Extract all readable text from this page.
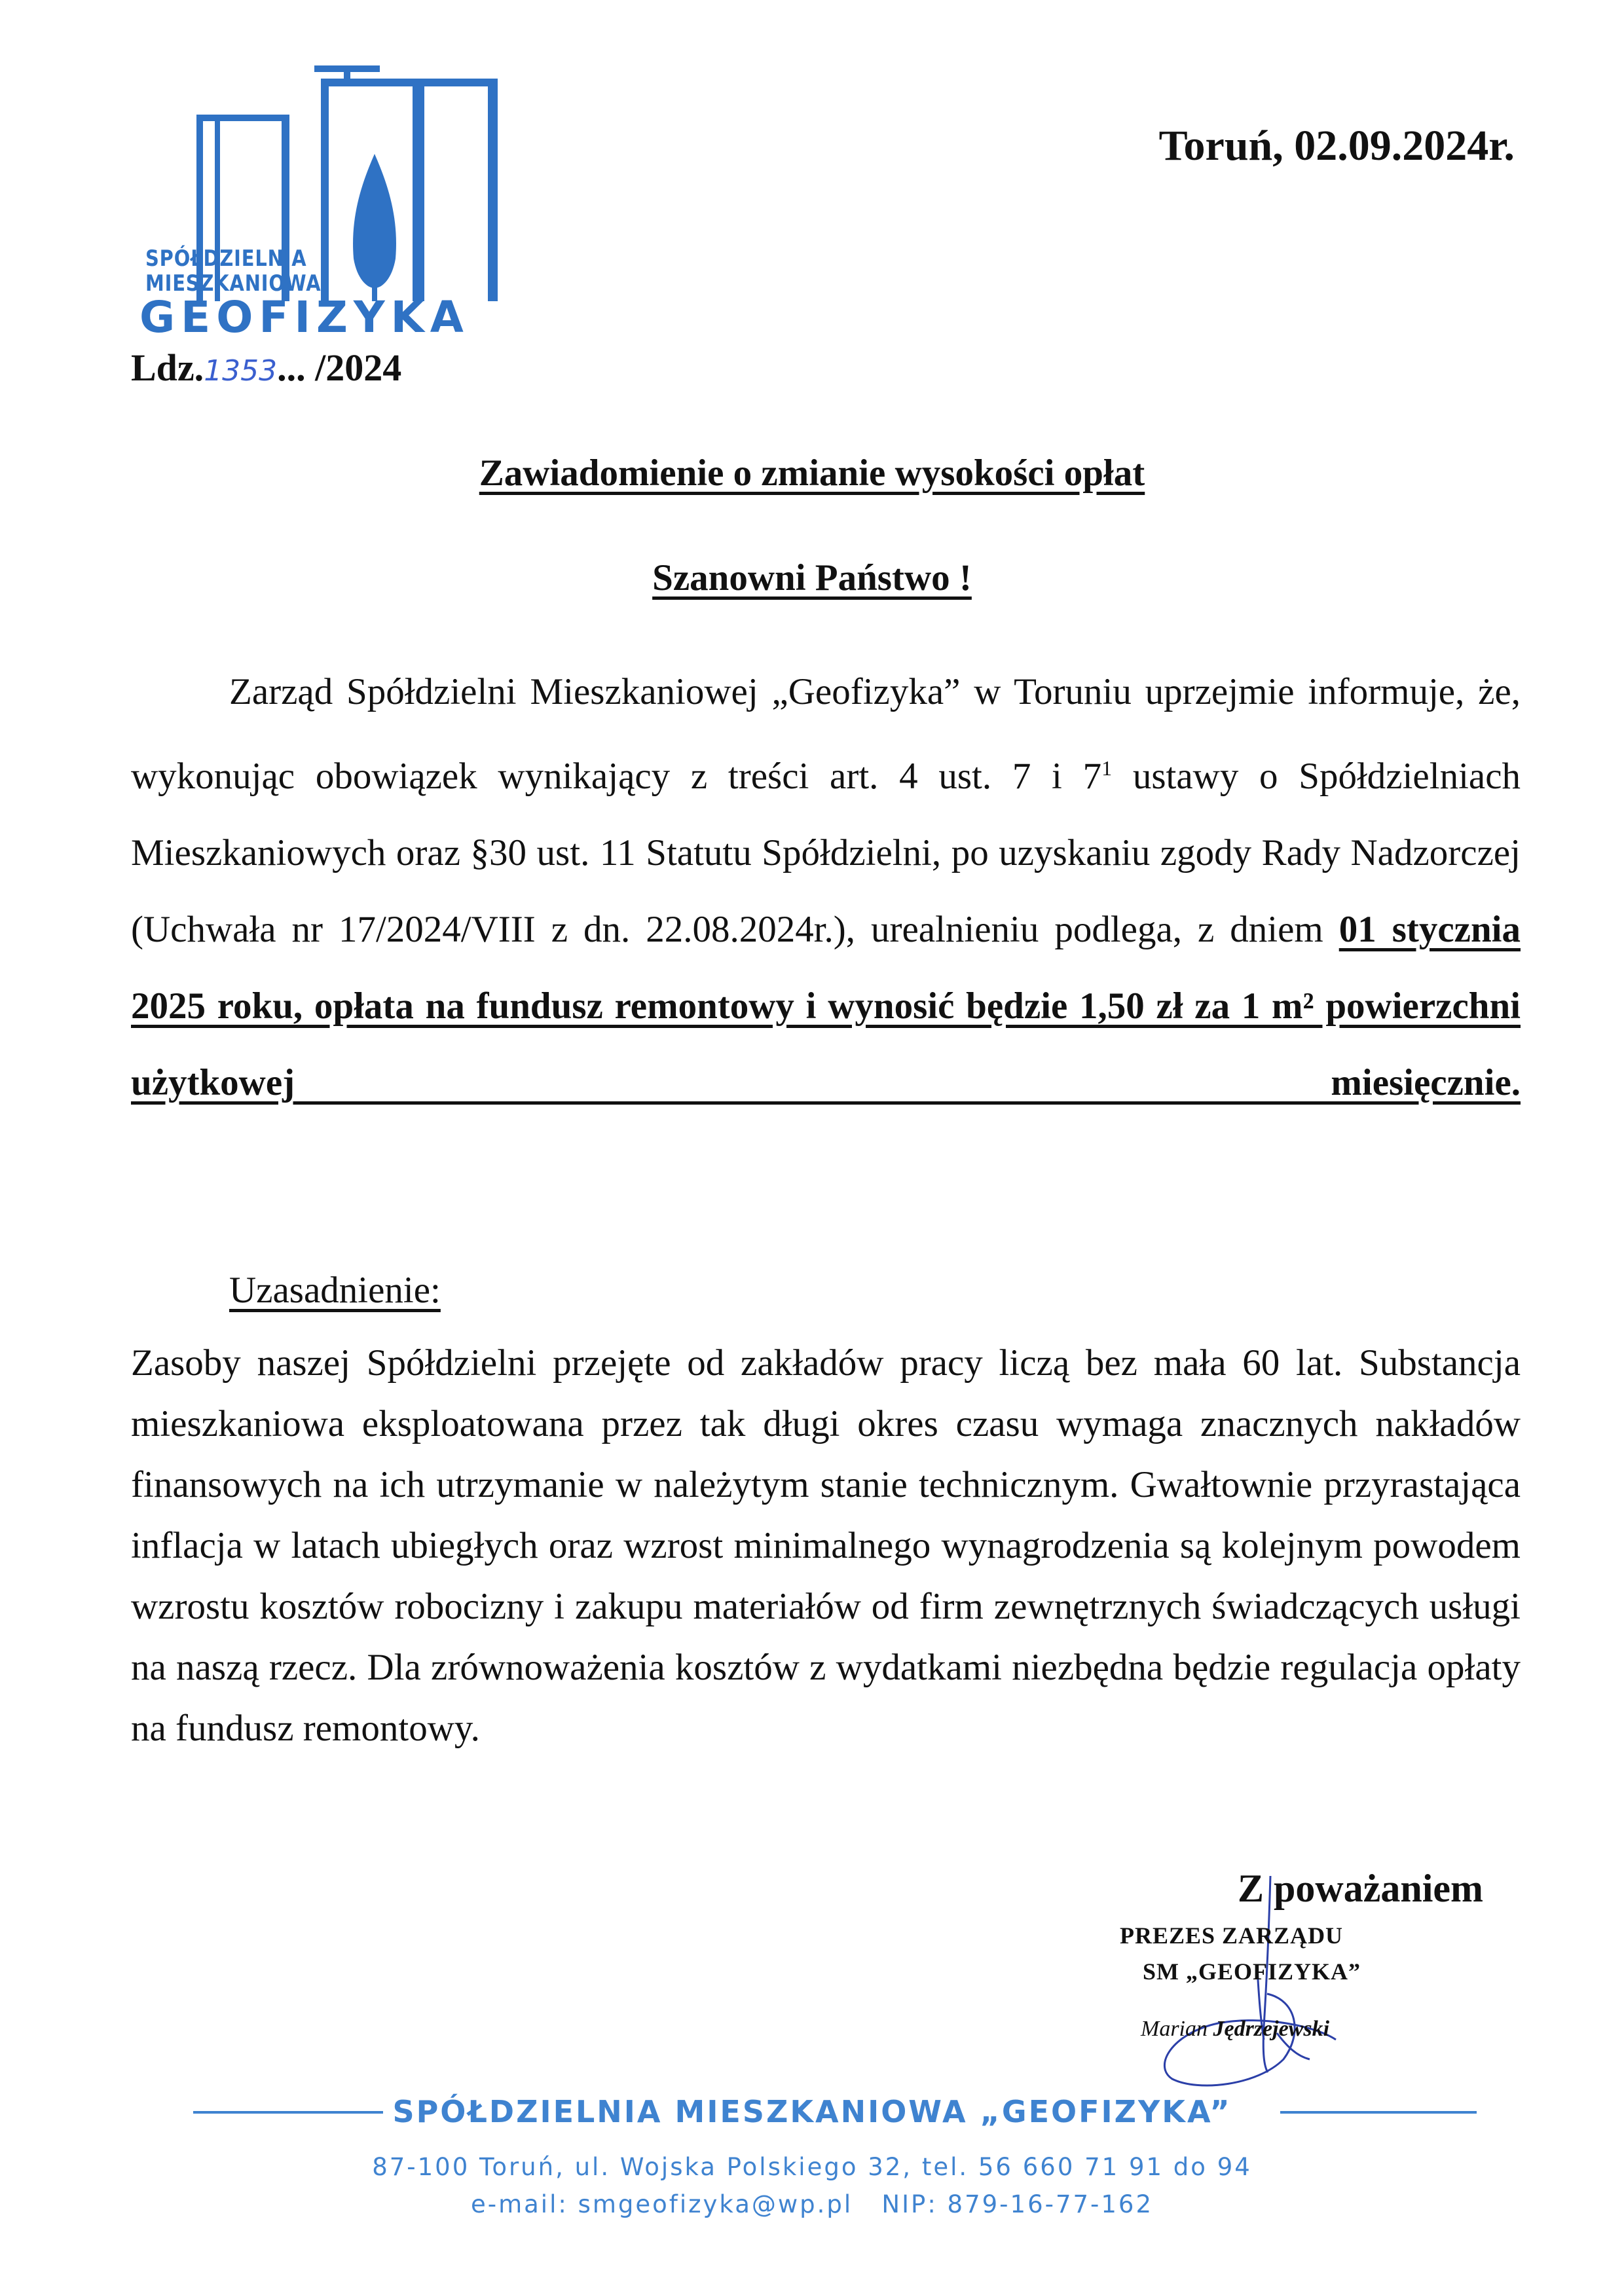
SPÓŁDZIELNIA
MIESZKANIOWA
GEOFIZYKA
Toruń, 02.09.2024r.
Ldz.1353... /2024
Zawiadomienie o zmianie wysokości opłat
Szanowni Państwo !
Zarząd Spółdzielni Mieszkaniowej „Geofizyka” w Toruniu uprzejmie informuje, że, wykonując obowiązek wynikający z treści art. 4 ust. 7 i $7^1$ ustawy o Spółdzielniach Mieszkaniowych oraz §30 ust. 11 Statutu Spółdzielni, po uzyskaniu zgody Rady Nadzorczej (Uchwała nr 17/2024/VIII z dn. 22.08.2024r.), urealnieniu podlega, z dniem 01 stycznia 2025 roku, opłata na fundusz remontowy i wynosić będzie 1,50 zł za 1 m² powierzchni użytkowej miesięcznie.
Uzasadnienie:
Zasoby naszej Spółdzielni przejęte od zakładów pracy liczą bez mała 60 lat. Substancja mieszkaniowa eksploatowana przez tak długi okres czasu wymaga znacznych nakładów finansowych na ich utrzymanie w należytym stanie technicznym. Gwałtownie przyrastająca inflacja w latach ubiegłych oraz wzrost minimalnego wynagrodzenia są kolejnym powodem wzrostu kosztów robocizny i zakupu materiałów od firm zewnętrznych świadczących usługi na naszą rzecz. Dla zrównoważenia kosztów z wydatkami niezbędna będzie regulacja opłaty na fundusz remontowy.
Z poważaniem
PREZES ZARZĄDU
SM „GEOFIZYKA”
Marian Jędrzejewski
SPÓŁDZIELNIA MIESZKANIOWA „GEOFIZYKA”
87-100 Toruń, ul. Wojska Polskiego 32, tel. 56 660 71 91 do 94
e-mail: smgeofizyka@wp.pl   NIP: 879-16-77-162
